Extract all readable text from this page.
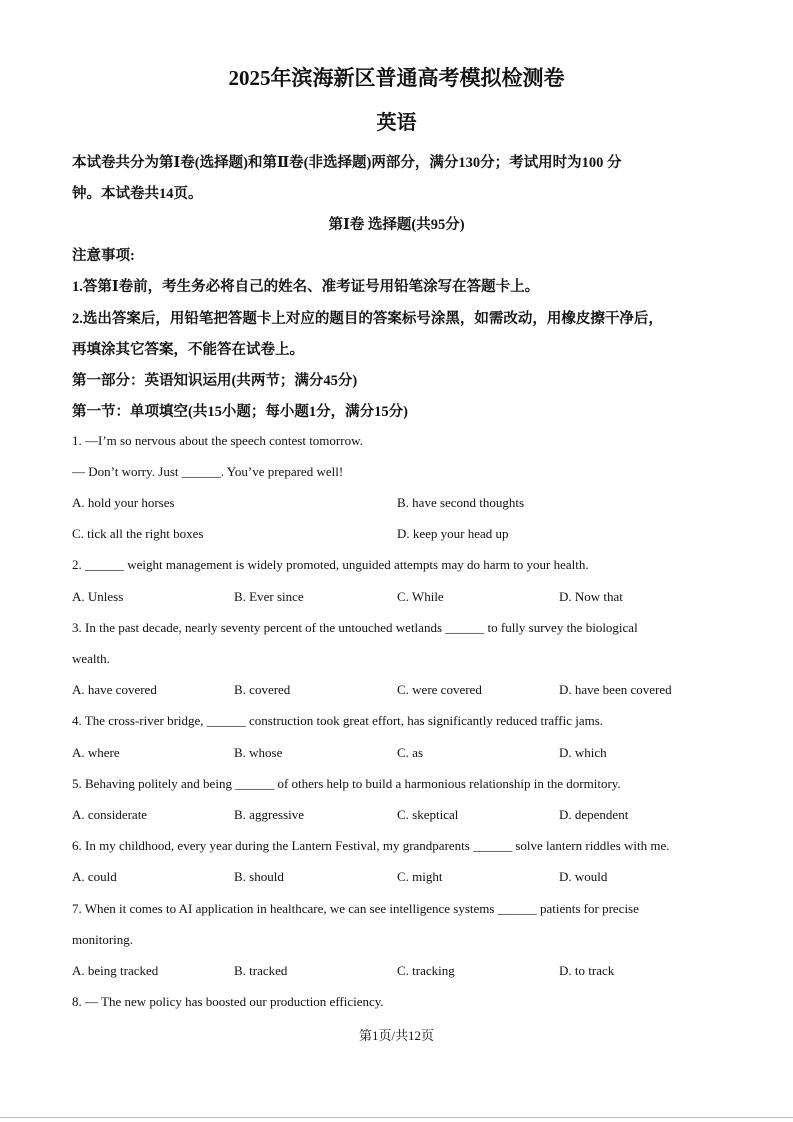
2025年滨海新区普通高考模拟检测卷
英语
本试卷共分为第Ⅰ卷(选择题)和第Ⅱ卷(非选择题)两部分，满分130分；考试用时为100 分
钟。本试卷共14页。
第Ⅰ卷 选择题(共95分)
注意事项:
1.答第Ⅰ卷前，考生务必将自己的姓名、准考证号用铅笔涂写在答题卡上。
2.选出答案后，用铅笔把答题卡上对应的题目的答案标号涂黑，如需改动，用橡皮擦干净后，
再填涂其它答案，不能答在试卷上。
第一部分：英语知识运用(共两节；满分45分)
第一节：单项填空(共15小题；每小题1分，满分15分)
1. —I’m so nervous about the speech contest tomorrow.
— Don’t worry. Just ______. You’ve prepared well!
A. hold your horses	B. have second thoughts
C. tick all the right boxes	D. keep your head up
2. ______ weight management is widely promoted, unguided attempts may do harm to your health.
A. Unless	B. Ever since	C. While	D. Now that
3. In the past decade, nearly seventy percent of the untouched wetlands ______ to fully survey the biological
wealth.
A. have covered	B. covered	C. were covered	D. have been covered
4. The cross-river bridge, ______ construction took great effort, has significantly reduced traffic jams.
A. where	B. whose	C. as	D. which
5. Behaving politely and being ______ of others help to build a harmonious relationship in the dormitory.
A. considerate	B. aggressive	C. skeptical	D. dependent
6. In my childhood, every year during the Lantern Festival, my grandparents ______ solve lantern riddles with me.
A. could	B. should	C. might	D. would
7. When it comes to AI application in healthcare, we can see intelligence systems ______ patients for precise
monitoring.
A. being tracked	B. tracked	C. tracking	D. to track
8. — The new policy has boosted our production efficiency.
第1页/共12页
